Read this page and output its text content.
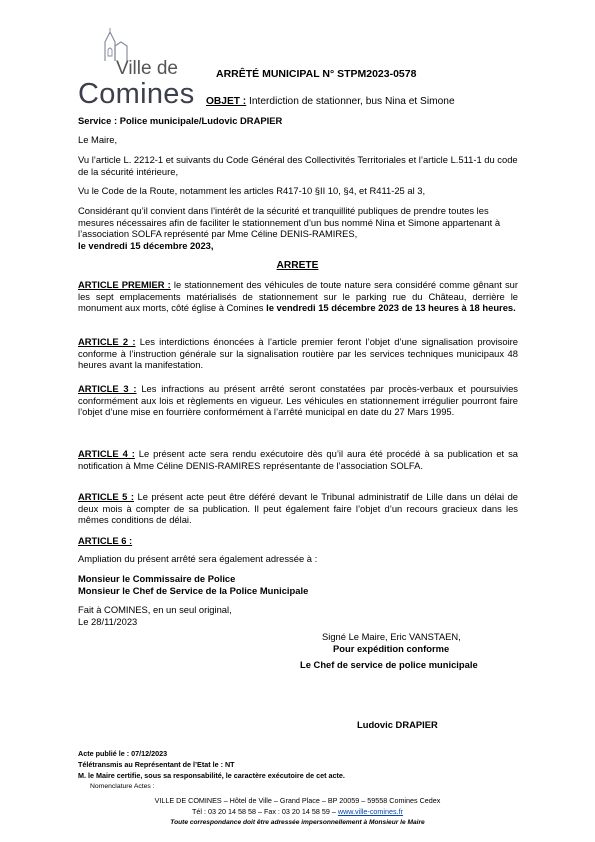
Ville de
Comines
ARRÊTÉ MUNICIPAL N° STPM2023-0578
OBJET : Interdiction de stationner, bus Nina et Simone
Service : Police municipale/Ludovic DRAPIER
Le Maire,
Vu l’article L. 2212-1 et suivants du Code Général des Collectivités Territoriales et l’article L.511-1 du code de la sécurité intérieure,
Vu le Code de la Route, notamment les articles R417-10 §II 10, §4, et R411-25 al 3,

Considérant qu’il convient dans l’intérêt de la sécurité et tranquillité publiques de prendre toutes les mesures nécessaires afin de faciliter le stationnement d’un bus nommé Nina et Simone appartenant à l’association SOLFA représenté par Mme Céline DENIS-RAMIRES,

le vendredi 15 décembre 2023,

ARRETE
ARTICLE PREMIER : le stationnement des véhicules de toute nature sera considéré comme gênant sur les sept emplacements matérialisés de stationnement sur le parking rue du Château, derrière le monument aux morts, côté église à Comines le vendredi 15 décembre 2023 de 13 heures à 18 heures.
ARTICLE 2 : Les interdictions énoncées à l’article premier feront l’objet d’une signalisation provisoire conforme à l’instruction générale sur la signalisation routière par les services techniques municipaux 48 heures avant la manifestation.
ARTICLE 3 : Les infractions au présent arrêté seront constatées par procès-verbaux et poursuivies conformément aux lois et règlements en vigueur. Les véhicules en stationnement irrégulier pourront faire l’objet d’une mise en fourrière conformément à l’arrêté municipal en date du 27 Mars 1995.
ARTICLE 4 : Le présent acte sera rendu exécutoire dès qu’il aura été procédé à sa publication et sa notification à Mme Céline DENIS-RAMIRES représentante de l’association SOLFA.
ARTICLE 5 : Le présent acte peut être déféré devant le Tribunal administratif de Lille dans un délai de deux mois à compter de sa publication. Il peut également faire l’objet d’un recours gracieux dans les mêmes conditions de délai.
ARTICLE 6 :
Ampliation du présent arrêté sera également adressée à :
Monsieur le Commissaire de Police
Monsieur le Chef de Service de la Police Municipale
Fait à COMINES, en un seul original,
Le 28/11/2023
Signé Le Maire, Eric VANSTAEN,
Pour expédition conforme
Le Chef de service de police municipale
Ludovic DRAPIER
Acte publié le : 07/12/2023
Télétransmis au Représentant de l’Etat le : NT
M. le Maire certifie, sous sa responsabilité, le caractère exécutoire de cet acte.
Nomenclature Actes :
VILLE DE COMINES – Hôtel de Ville – Grand Place – BP 20059 – 59558 Comines Cedex
Tél : 03 20 14 58 58 – Fax : 03 20 14 58 59 – www.ville-comines.fr
Toute correspondance doit être adressée impersonnellement à Monsieur le Maire
